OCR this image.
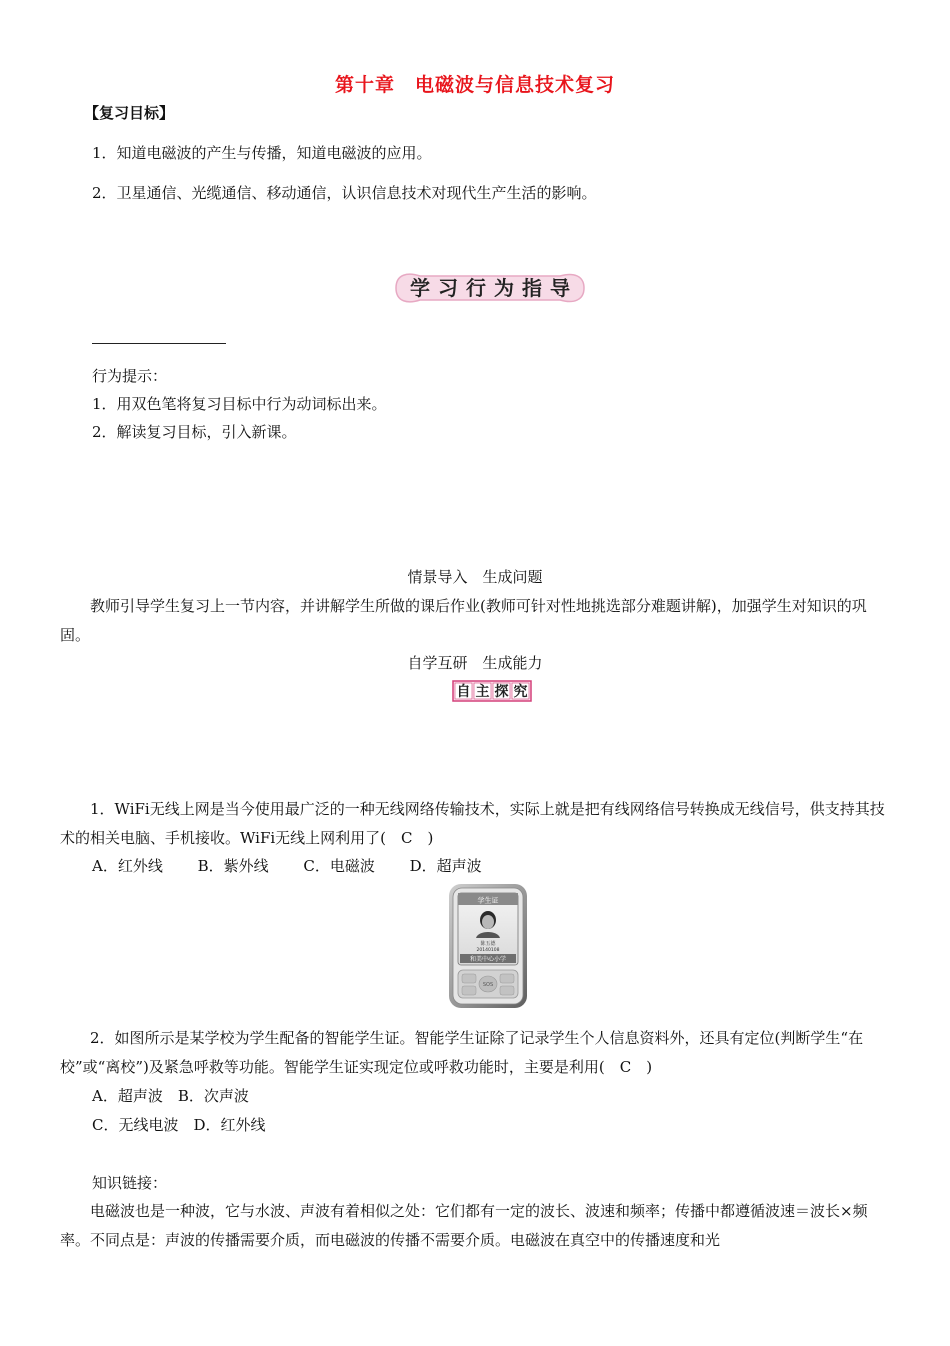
第十章　电磁波与信息技术复习
【复习目标】
1．知道电磁波的产生与传播，知道电磁波的应用。
2．卫星通信、光缆通信、移动通信，认识信息技术对现代生产生活的影响。
学 习 行 为 指 导
行为提示：
1．用双色笔将复习目标中行为动词标出来。
2．解读复习目标，引入新课。
情景导入　生成问题
教师引导学生复习上一节内容，并讲解学生所做的课后作业(教师可针对性地挑选部分难题讲解)，加强学生对知识的巩固。
自学互研　生成能力
自 主 探 究
1．WiFi无线上网是当今使用最广泛的一种无线网络传输技术，实际上就是把有线网络信号转换成无线信号，供支持其技术的相关电脑、手机接收。WiFi无线上网利用了(　C　)
A．红外线　　 B．紫外线　　 C．电磁波　　 D．超声波
学生证
陈五德
20140108
和美中心小学
SOS
2．如图所示是某学校为学生配备的智能学生证。智能学生证除了记录学生个人信息资料外，还具有定位(判断学生“在校”或“离校”)及紧急呼救等功能。智能学生证实现定位或呼救功能时，主要是利用(　C　)
A．超声波　B．次声波
C．无线电波　D．红外线
知识链接：
电磁波也是一种波，它与水波、声波有着相似之处：它们都有一定的波长、波速和频率；传播中都遵循波速＝波长×频率。不同点是：声波的传播需要介质，而电磁波的传播不需要介质。电磁波在真空中的传播速度和光
